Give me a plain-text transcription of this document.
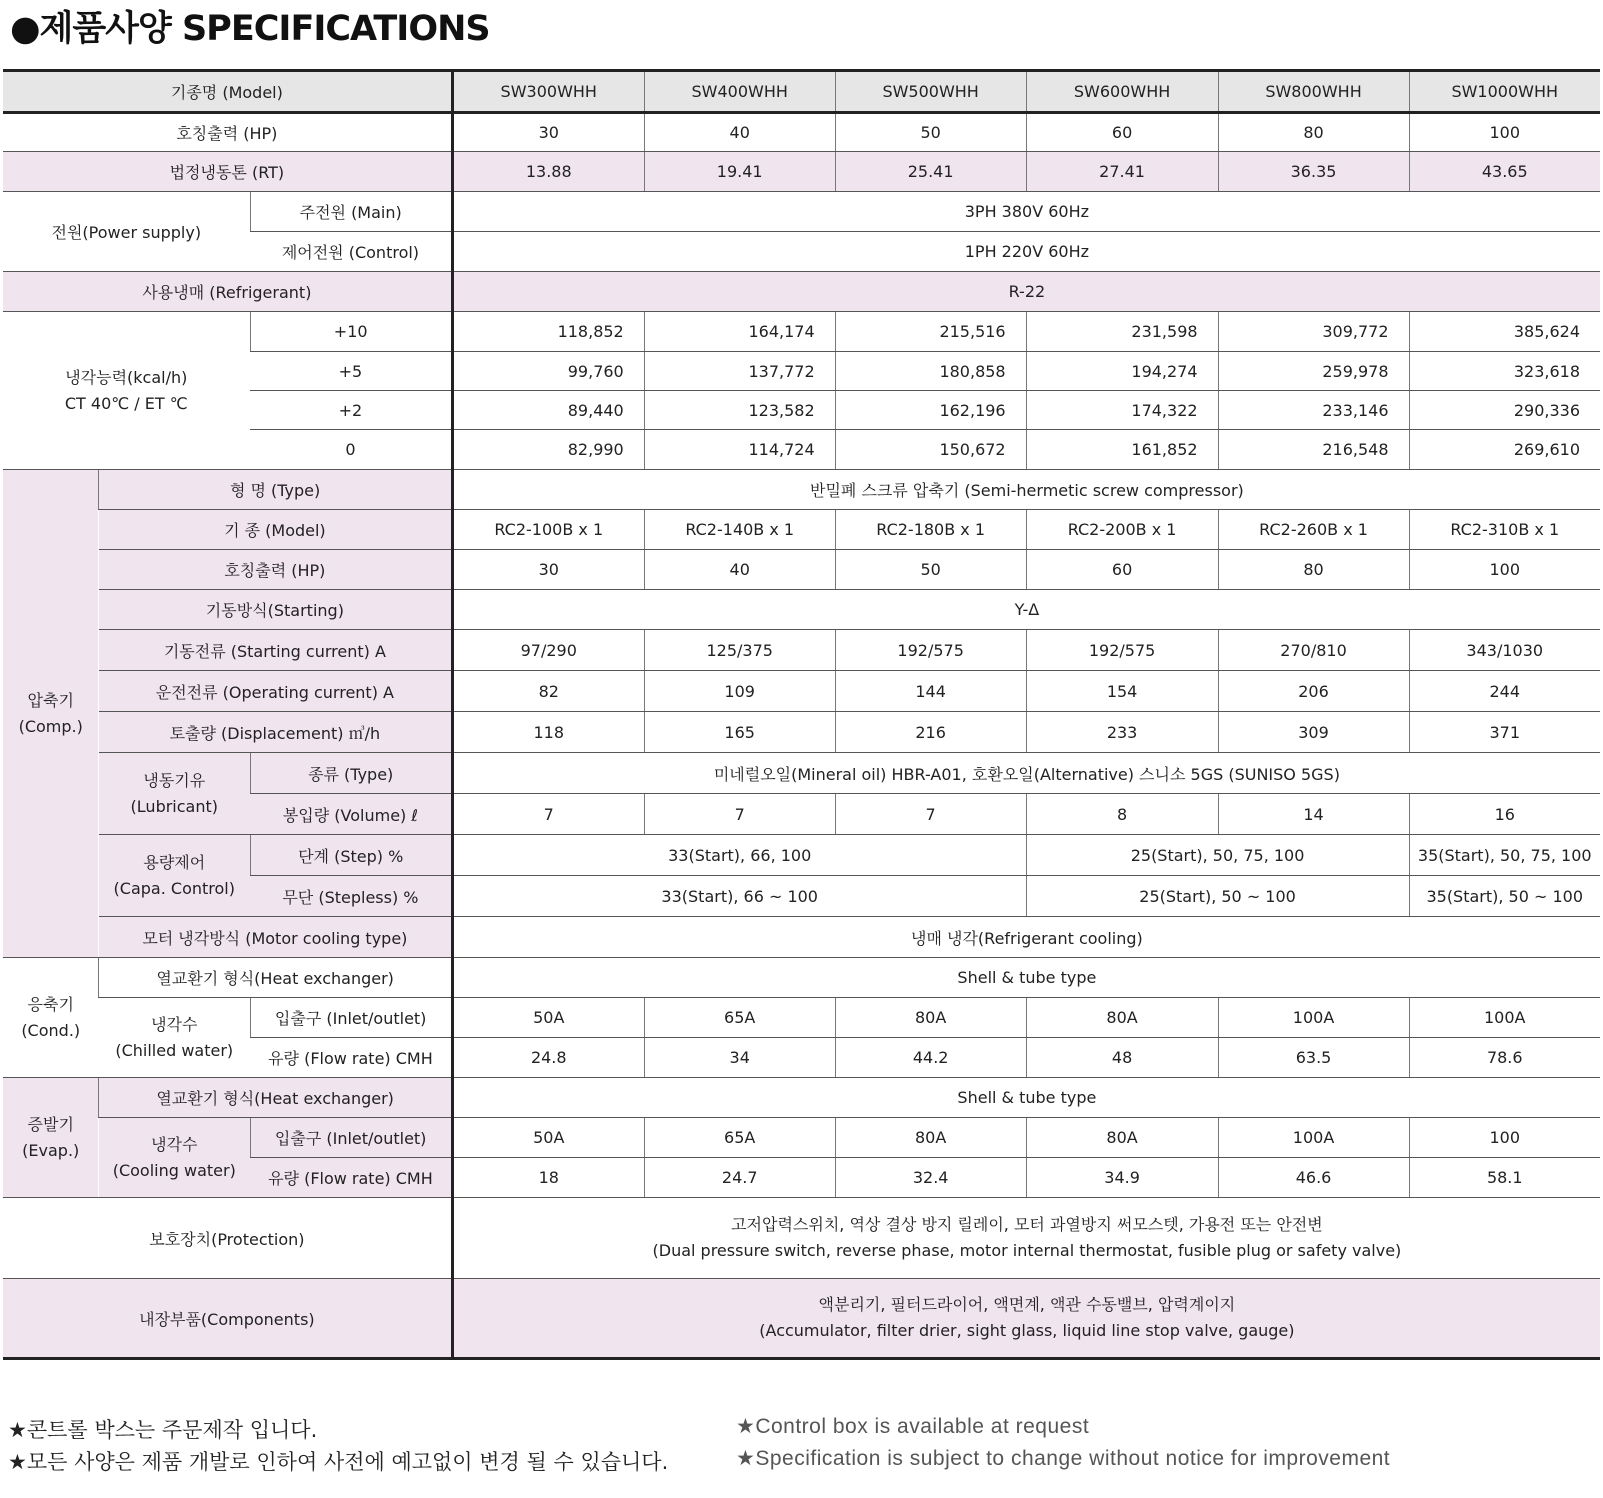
●제품사양 SPECIFICATIONS
기종명 (Model)			SW300WHH	SW400WHH	SW500WHH	SW600WHH	SW800WHH	SW1000WHH
호칭출력 (HP)			30	40	50	60	80	100
법정냉동톤 (RT)			13.88	19.41	25.41	27.41	36.35	43.65
전원(Power supply)		주전원 (Main)	3PH 380V 60Hz					
		제어전원 (Control)	1PH 220V 60Hz					
사용냉매 (Refrigerant)			R-22					

냉각능력(kcal/h)
CT 40℃ / ET ℃		+10	118,852	164,174	215,516	231,598	309,772	385,624
		+5	99,760	137,772	180,858	194,274	259,978	323,618
		+2	89,440	123,582	162,196	174,322	233,146	290,336
		0	82,990	114,724	150,672	161,852	216,548	269,610

압축기
(Comp.)	형 명 (Type)		반밀폐 스크류 압축기 (Semi-hermetic screw compressor)					
	기 종 (Model)		RC2-100B x 1	RC2-140B x 1	RC2-180B x 1	RC2-200B x 1	RC2-260B x 1	RC2-310B x 1
	호칭출력 (HP)		30	40	50	60	80	100
	기동방식(Starting)		Y-Δ					
	기동전류 (Starting current) A		97/290	125/375	192/575	192/575	270/810	343/1030
	운전전류 (Operating current) A		82	109	144	154	206	244
	토출량 (Displacement) ㎥/h		118	165	216	233	309	371

	냉동기유
(Lubricant)	종류 (Type)	미네럴오일(Mineral oil) HBR-A01, 호환오일(Alternative) 스니소 5GS (SUNISO 5GS)					
		봉입량 (Volume) ℓ	7	7	7	8	14	16

	용량제어
(Capa. Control)	단계 (Step) %	33(Start), 66, 100			25(Start), 50, 75, 100		35(Start), 50, 75, 100
		무단 (Stepless) %	33(Start), 66 ~ 100			25(Start), 50 ~ 100		35(Start), 50 ~ 100
	모터 냉각방식 (Motor cooling type)		냉매 냉각(Refrigerant cooling)					

응축기
(Cond.)	열교환기 형식(Heat exchanger)		Shell & tube type					

	냉각수
(Chilled water)	입출구 (Inlet/outlet)	50A	65A	80A	80A	100A	100A
		유량 (Flow rate) CMH	24.8	34	44.2	48	63.5	78.6

증발기
(Evap.)	열교환기 형식(Heat exchanger)		Shell & tube type					

	냉각수
(Cooling water)	입출구 (Inlet/outlet)	50A	65A	80A	80A	100A	100
		유량 (Flow rate) CMH	18	24.7	32.4	34.9	46.6	58.1
보호장치(Protection)			고저압력스위치, 역상 결상 방지 릴레이, 모터 과열방지 써모스텟, 가용전 또는 안전변
(Dual pressure switch, reverse phase, motor internal thermostat, fusible plug or safety valve)					

내장부품(Components)			액분리기, 필터드라이어, 액면계, 액관 수동밸브, 압력계이지
(Accumulator, filter drier, sight glass, liquid line stop valve, gauge)					
★콘트롤 박스는 주문제작 입니다.
★모든 사양은 제품 개발로 인하여 사전에 예고없이 변경 될 수 있습니다.
★Control box is available at request
★Specification is subject to change without notice for improvement
